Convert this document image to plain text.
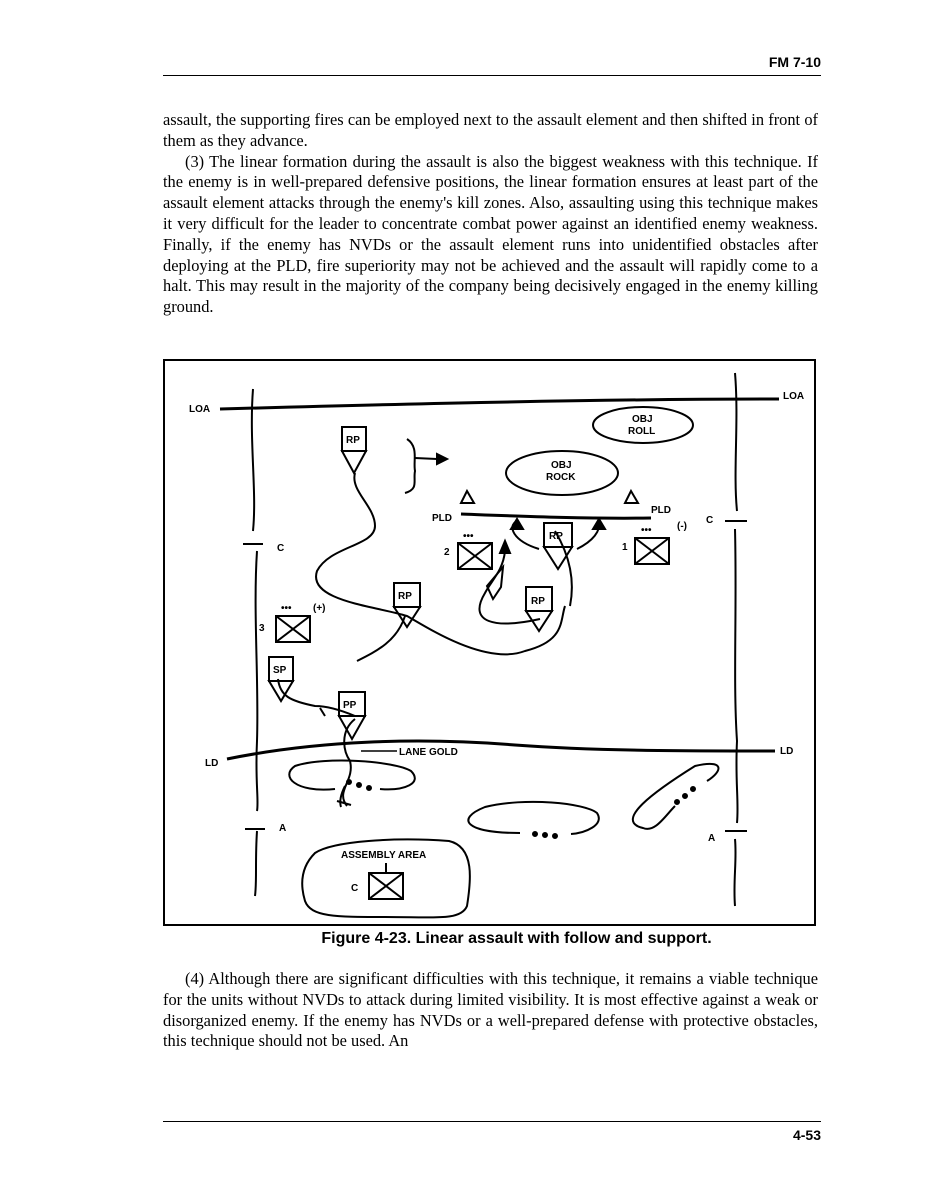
FM 7-10

assault, the supporting fires can be employed next to the assault element and then shifted in front of them as they advance.

(3) The linear formation during the assault is also the biggest weakness with this technique. If the enemy is in well-prepared defensive positions, the linear formation ensures at least part of the assault element attacks through the enemy's kill zones. Also, assaulting using this technique makes it very difficult for the leader to concentrate combat power against an identified enemy weakness. Finally, if the enemy has NVDs or the assault element runs into unidentified obstacles after deploying at the PLD, fire superiority may not be achieved and the assault will rapidly come to a halt. This may result in the majority of the company being decisively engaged in the enemy killing ground.

LOA
LOA
C
C
A
A
OBJ
ROLL
OBJ
ROCK
PLD
PLD
RP
RP
RP
RP
SP
PP
1
•••	(-)
2
•••
3
••• (+)
LD
LD
LANE GOLD
ASSEMBLY AREA
C
Figure 4-23. Linear assault with follow and support.

(4) Although there are significant difficulties with this technique, it remains a viable technique for the units without NVDs to attack during limited visibility. It is most effective against a weak or disorganized enemy. If the enemy has NVDs or a well-prepared defense with protective obstacles, this technique should not be used. An

4-53
